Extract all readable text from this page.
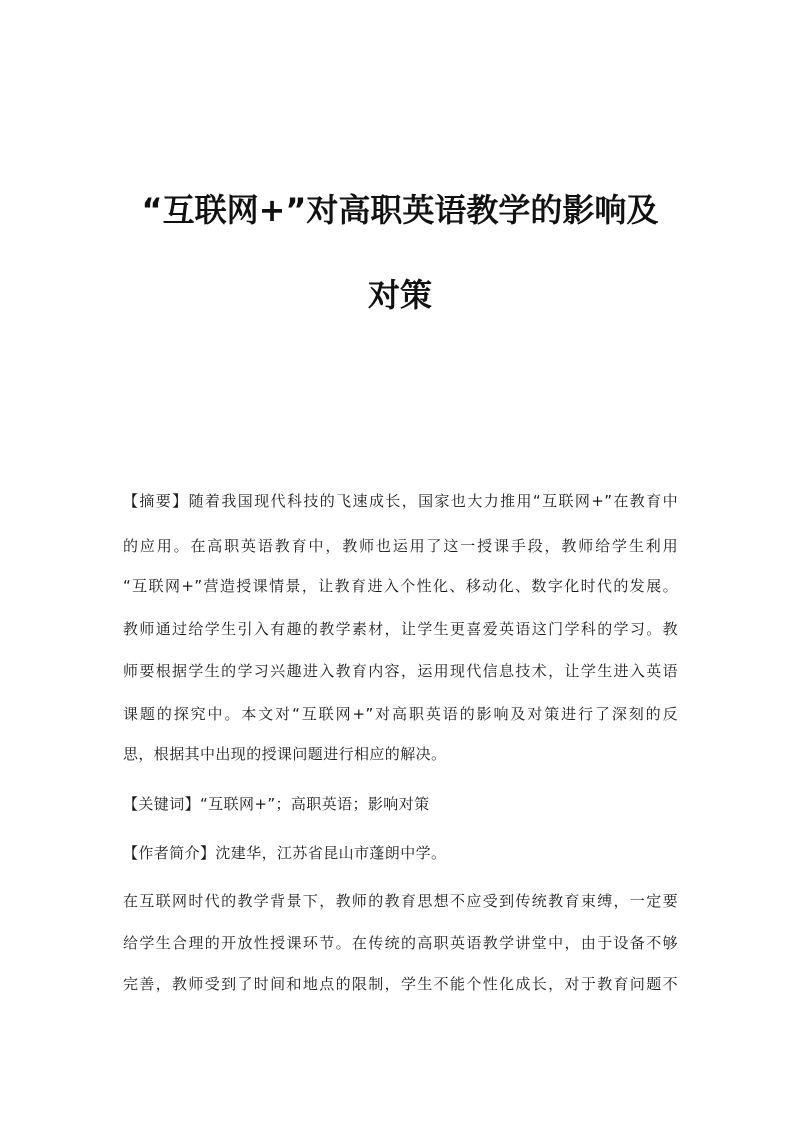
“互联网+”对高职英语教学的影响及
对策
【摘要】随着我国现代科技的飞速成长，国家也大力推用“互联网+”在教育中
的应用。在高职英语教育中，教师也运用了这一授课手段，教师给学生利用
“互联网+”营造授课情景，让教育进入个性化、移动化、数字化时代的发展。
教师通过给学生引入有趣的教学素材，让学生更喜爱英语这门学科的学习。教
师要根据学生的学习兴趣进入教育内容，运用现代信息技术，让学生进入英语
课题的探究中。本文对“互联网+”对高职英语的影响及对策进行了深刻的反
思，根据其中出现的授课问题进行相应的解决。
【关键词】“互联网+”；高职英语；影响对策
【作者简介】沈建华，江苏省昆山市蓬朗中学。
在互联网时代的教学背景下，教师的教育思想不应受到传统教育束缚，一定要
给学生合理的开放性授课环节。在传统的高职英语教学讲堂中，由于设备不够
完善，教师受到了时间和地点的限制，学生不能个性化成长，对于教育问题不
